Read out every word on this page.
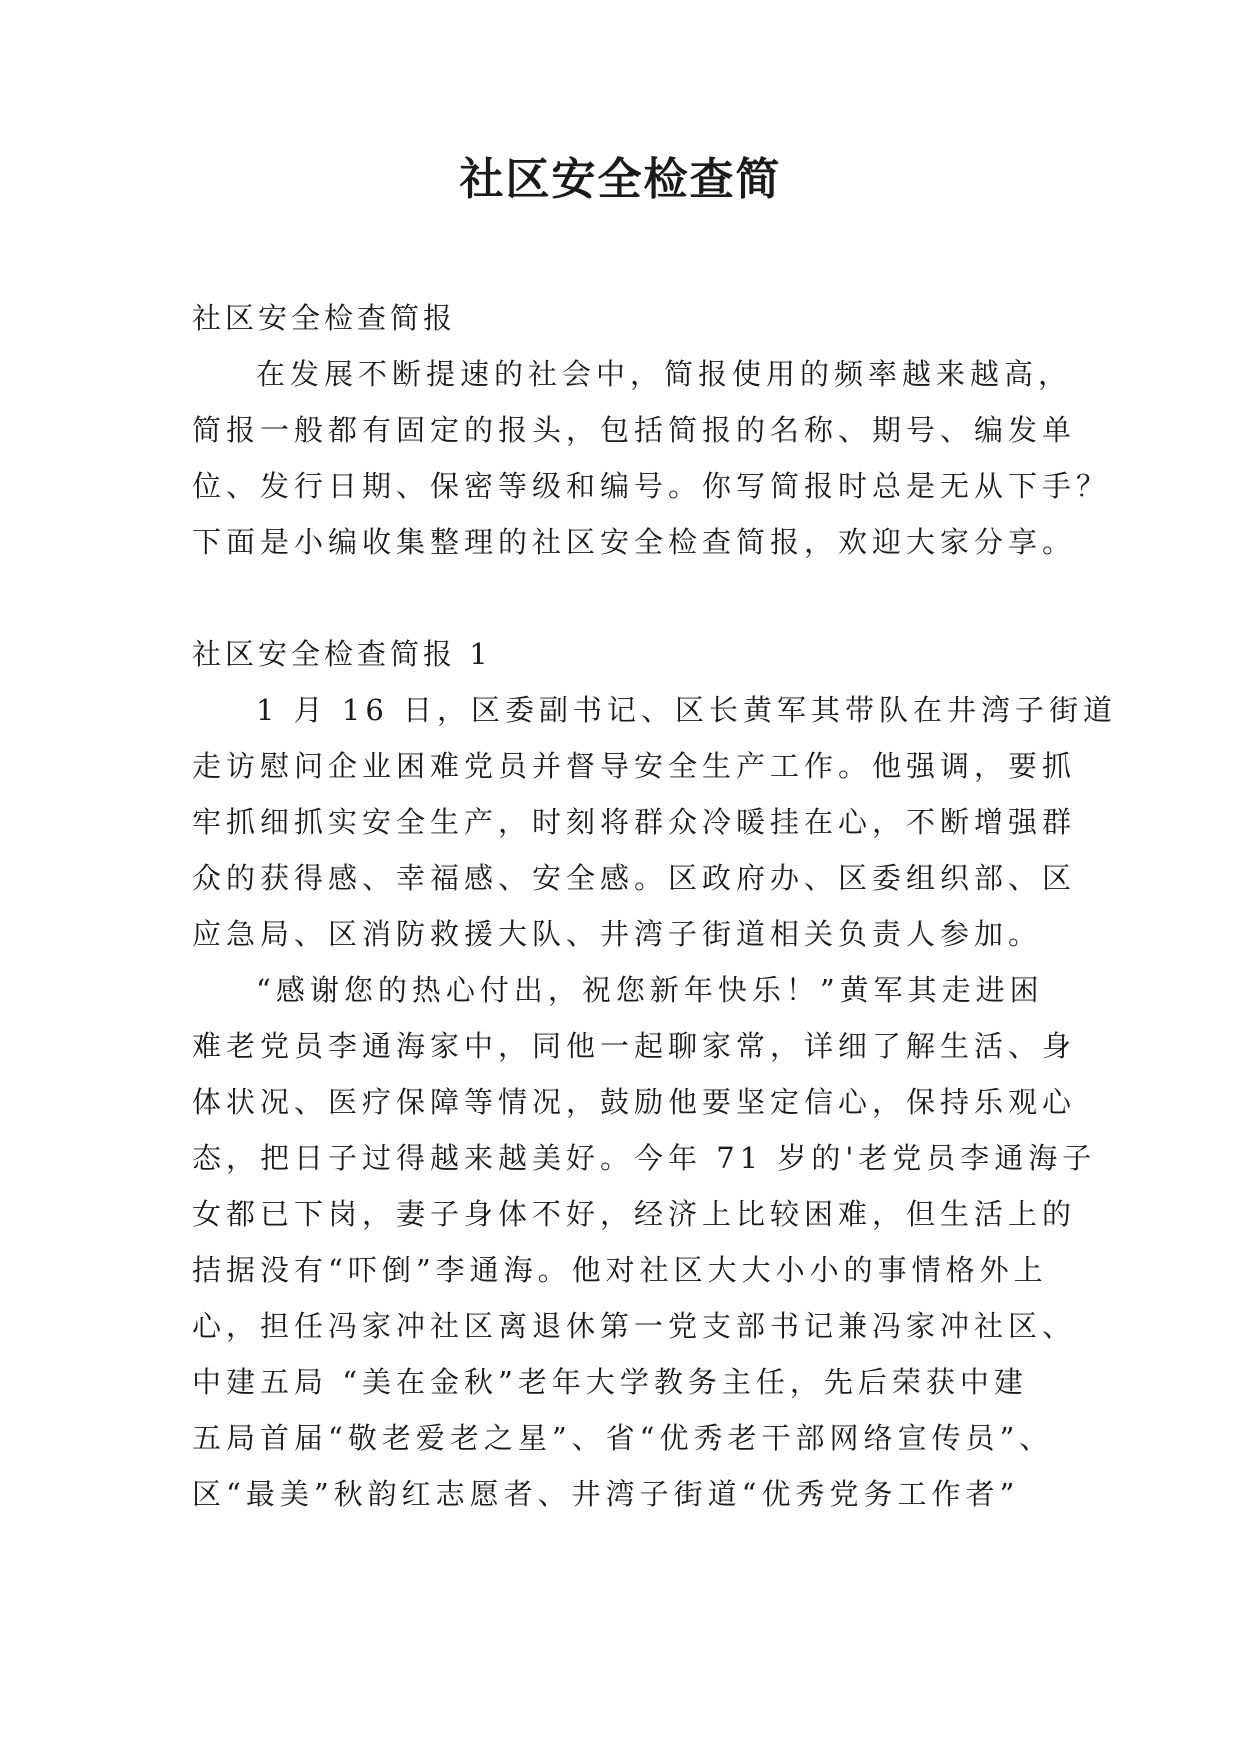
社区安全检查简
社区安全检查简报
在发展不断提速的社会中，简报使用的频率越来越高，
简报一般都有固定的报头，包括简报的名称、期号、编发单
位、发行日期、保密等级和编号。你写简报时总是无从下手？
下面是小编收集整理的社区安全检查简报，欢迎大家分享。
社区安全检查简报 1
1 月 16 日，区委副书记、区长黄军其带队在井湾子街道
走访慰问企业困难党员并督导安全生产工作。他强调，要抓
牢抓细抓实安全生产，时刻将群众冷暖挂在心，不断增强群
众的获得感、幸福感、安全感。区政府办、区委组织部、区
应急局、区消防救援大队、井湾子街道相关负责人参加。
“感谢您的热心付出，祝您新年快乐！”黄军其走进困
难老党员李通海家中，同他一起聊家常，详细了解生活、身
体状况、医疗保障等情况，鼓励他要坚定信心，保持乐观心
态，把日子过得越来越美好。今年 71 岁的'老党员李通海子
女都已下岗，妻子身体不好，经济上比较困难，但生活上的
拮据没有“吓倒”李通海。他对社区大大小小的事情格外上
心，担任冯家冲社区离退休第一党支部书记兼冯家冲社区、
中建五局 “美在金秋”老年大学教务主任，先后荣获中建
五局首届“敬老爱老之星”、省“优秀老干部网络宣传员”、
区“最美”秋韵红志愿者、井湾子街道“优秀党务工作者”
